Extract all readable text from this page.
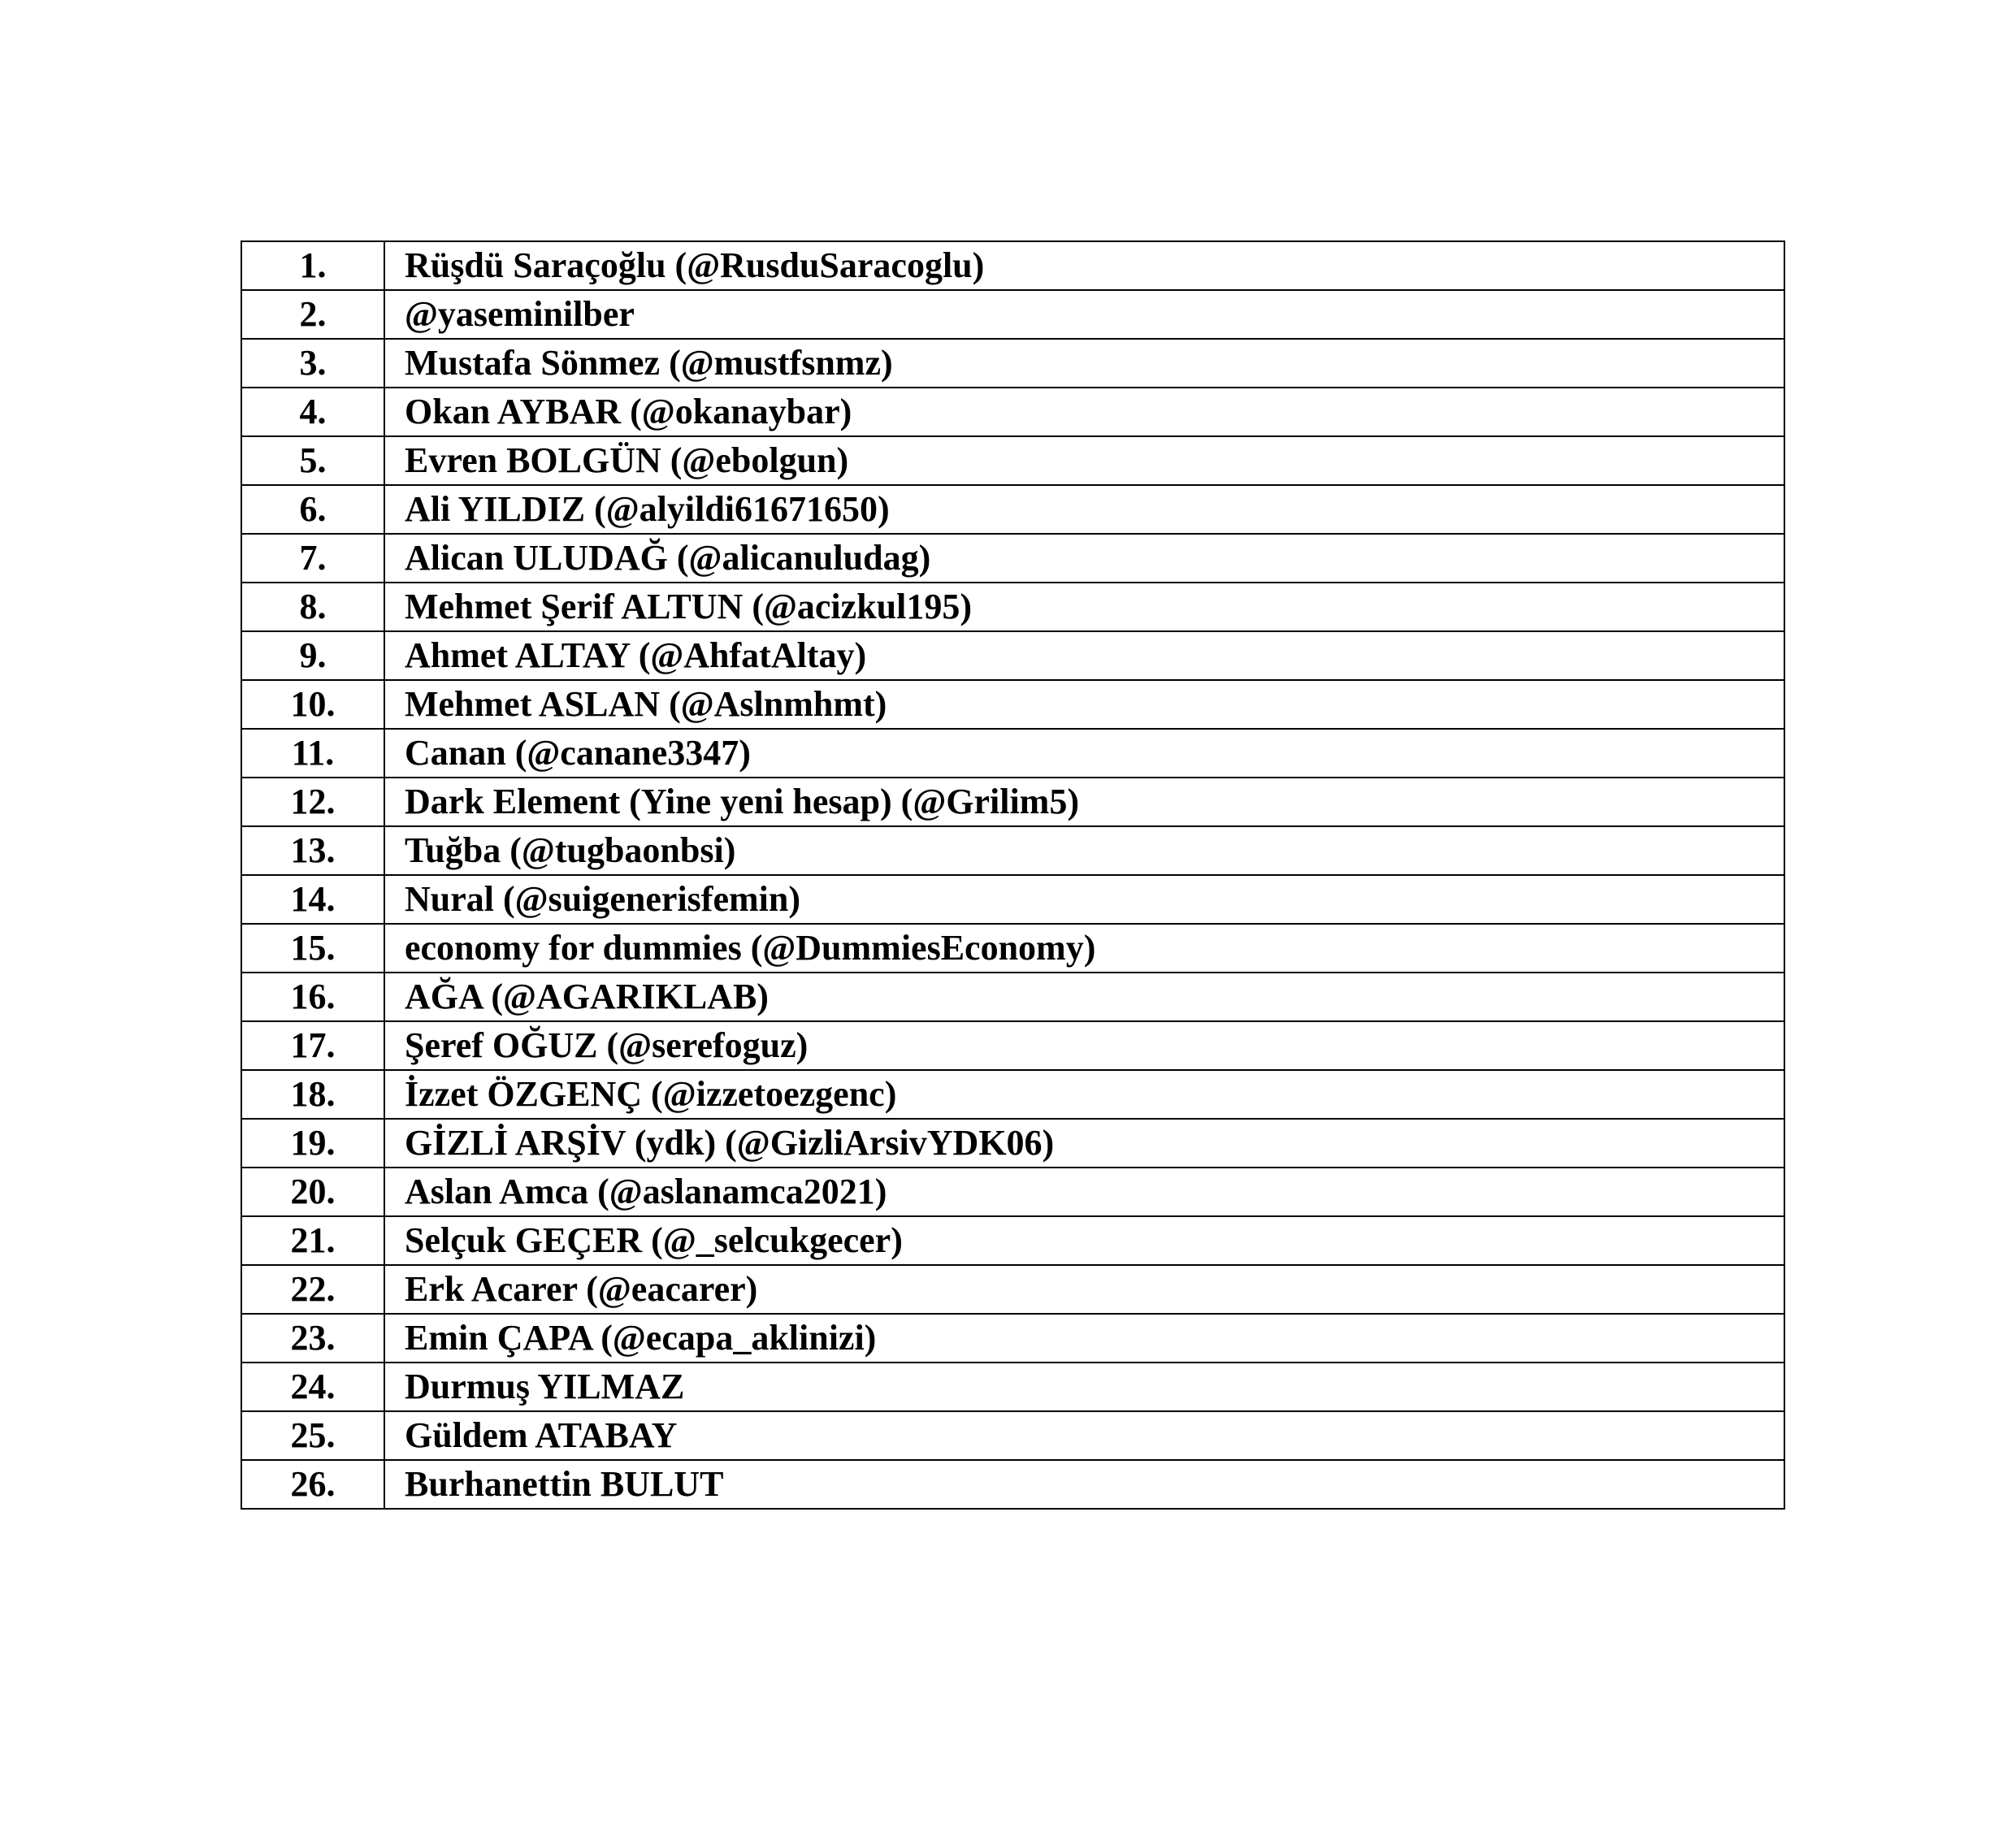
1.	Rüşdü Saraçoğlu (@RusduSaracoglu)
2.	@yaseminilber
3.	Mustafa Sönmez (@mustfsnmz)
4.	Okan AYBAR (@okanaybar)
5.	Evren BOLGÜN (@ebolgun)
6.	Ali YILDIZ (@alyildi61671650)
7.	Alican ULUDAĞ (@alicanuludag)
8.	Mehmet Şerif ALTUN (@acizkul195)
9.	Ahmet ALTAY (@AhfatAltay)
10.	Mehmet ASLAN (@Aslnmhmt)
11.	Canan (@canane3347)
12.	Dark Element (Yine yeni hesap) (@Grilim5)
13.	Tuğba (@tugbaonbsi)
14.	Nural (@suigenerisfemin)
15.	economy for dummies (@DummiesEconomy)
16.	AĞA (@AGARIKLAB)
17.	Şeref OĞUZ (@serefoguz)
18.	İzzet ÖZGENÇ (@izzetoezgenc)
19.	GİZLİ ARŞİV (ydk) (@GizliArsivYDK06)
20.	Aslan Amca (@aslanamca2021)
21.	Selçuk GEÇER (@_selcukgecer)
22.	Erk Acarer (@eacarer)
23.	Emin ÇAPA (@ecapa_aklinizi)
24.	Durmuş YILMAZ
25.	Güldem ATABAY
26.	Burhanettin BULUT
